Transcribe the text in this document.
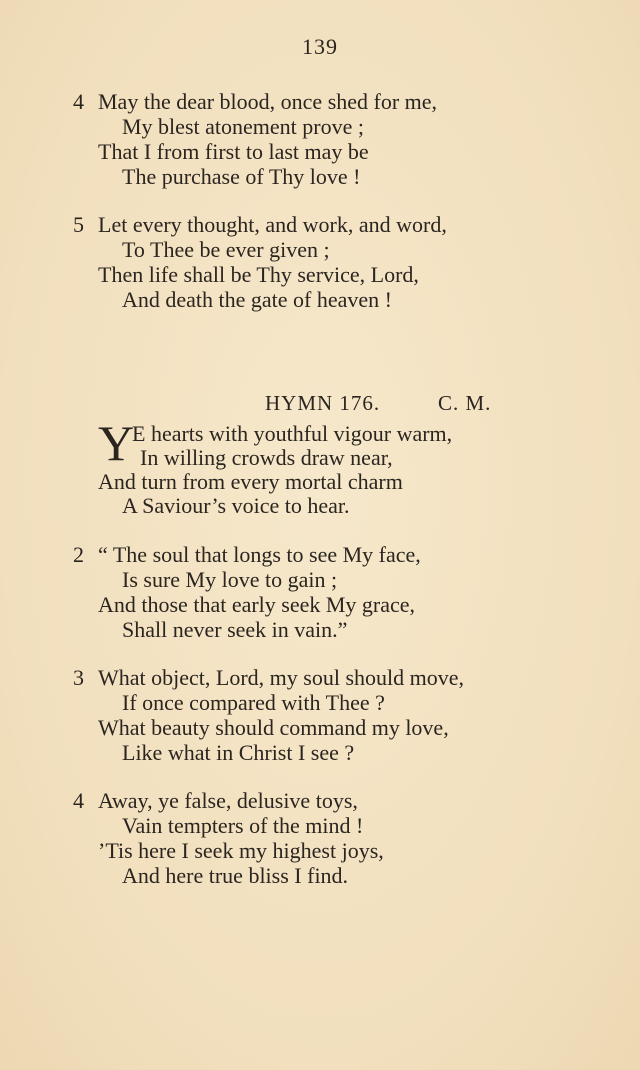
139
4 May the dear blood, once shed for me,
My blest atonement prove ;
That I from first to last may be
The purchase of Thy love !
5 Let every thought, and work, and word,
To Thee be ever given ;
Then life shall be Thy service, Lord,
And death the gate of heaven !
HYMN 176.	C. M.
Y
E hearts with youthful vigour warm,
In willing crowds draw near,
And turn from every mortal charm
A Saviour’s voice to hear.
2 “ The soul that longs to see My face,
Is sure My love to gain ;
And those that early seek My grace,
Shall never seek in vain.”
3 What object, Lord, my soul should move,
If once compared with Thee ?
What beauty should command my love,
Like what in Christ I see ?
4 Away, ye false, delusive toys,
Vain tempters of the mind !
’Tis here I seek my highest joys,
And here true bliss I find.
